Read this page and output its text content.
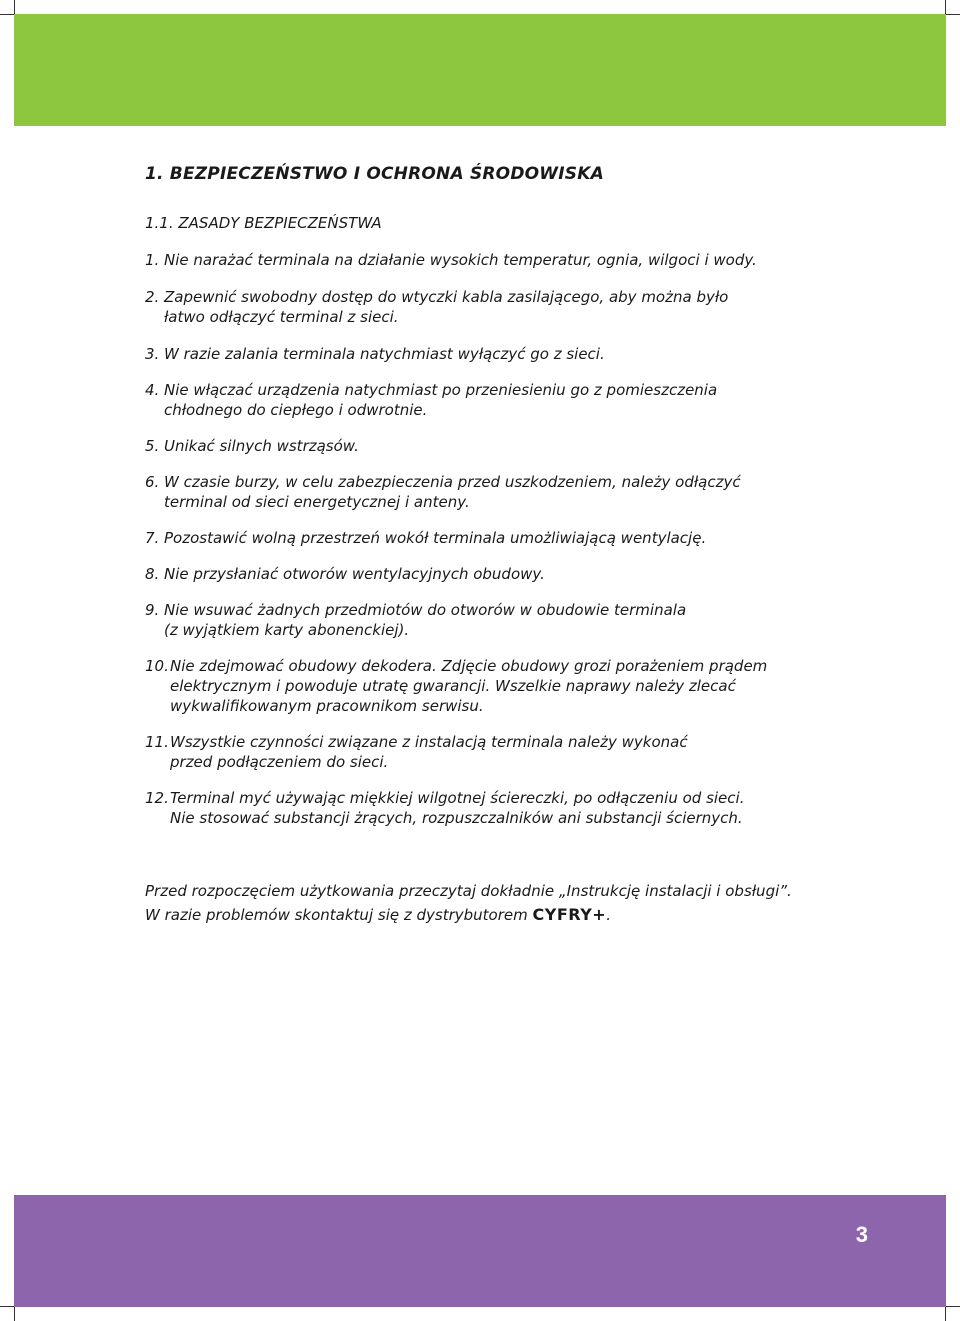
1. BEZPIECZEŃSTWO I OCHRONA ŚRODOWISKA
1.1. ZASADY BEZPIECZEŃSTWA
1. Nie narażać terminala na działanie wysokich temperatur, ognia, wilgoci i wody.
2. Zapewnić swobodny dostęp do wtyczki kabla zasilającego, aby można było
łatwo odłączyć terminal z sieci.
3. W razie zalania terminala natychmiast wyłączyć go z sieci.
4. Nie włączać urządzenia natychmiast po przeniesieniu go z pomieszczenia
chłodnego do ciepłego i odwrotnie.
5. Unikać silnych wstrząsów.
6. W czasie burzy, w celu zabezpieczenia przed uszkodzeniem, należy odłączyć
terminal od sieci energetycznej i anteny.
7. Pozostawić wolną przestrzeń wokół terminala umożliwiającą wentylację.
8. Nie przysłaniać otworów wentylacyjnych obudowy.
9. Nie wsuwać żadnych przedmiotów do otworów w obudowie terminala
(z wyjątkiem karty abonenckiej).
10. Nie zdejmować obudowy dekodera. Zdjęcie obudowy grozi porażeniem prądem
elektrycznym i powoduje utratę gwarancji. Wszelkie naprawy należy zlecać
wykwalifikowanym pracownikom serwisu.
11. Wszystkie czynności związane z instalacją terminala należy wykonać
przed podłączeniem do sieci.
12. Terminal myć używając miękkiej wilgotnej ściereczki, po odłączeniu od sieci.
Nie stosować substancji żrących, rozpuszczalników ani substancji ściernych.
Przed rozpoczęciem użytkowania przeczytaj dokładnie „Instrukcję instalacji i obsługi”.
W razie problemów skontaktuj się z dystrybutorem CYFRY+.
3
